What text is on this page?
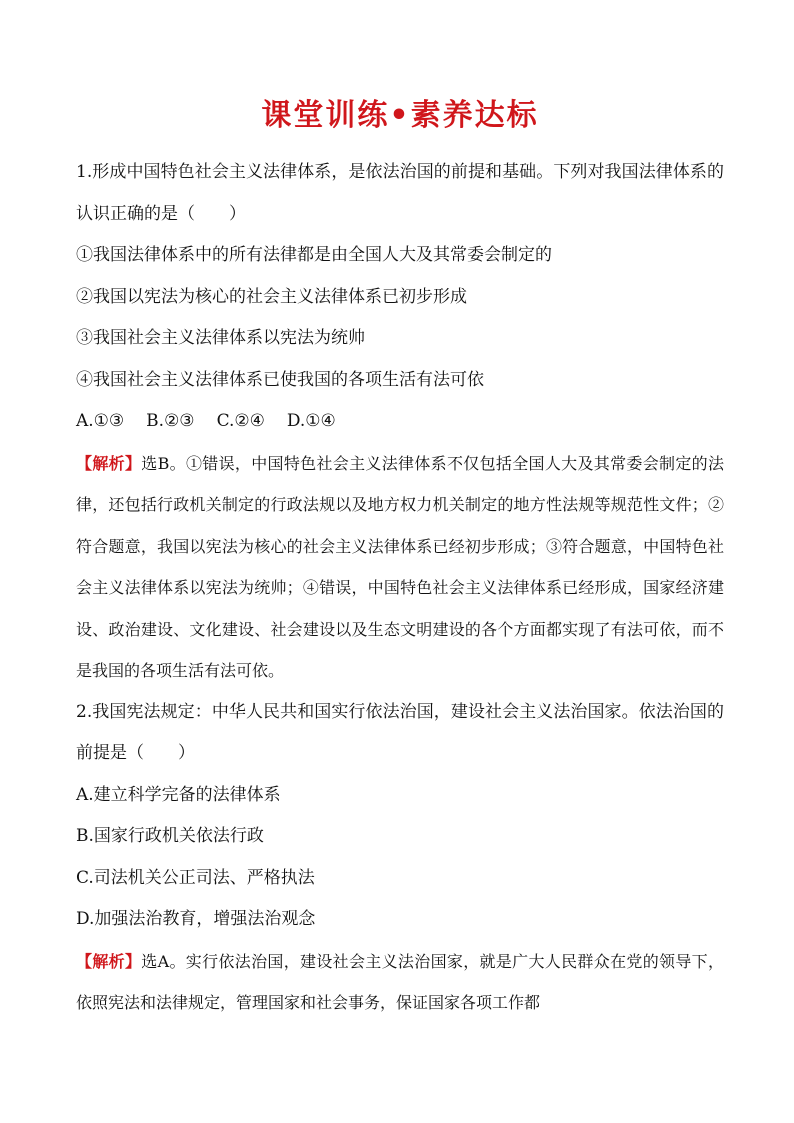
课堂训练•素养达标

1.形成中国特色社会主义法律体系，是依法治国的前提和基础。下列对我国法律体系的认识正确的是（　　）

①我国法律体系中的所有法律都是由全国人大及其常委会制定的

②我国以宪法为核心的社会主义法律体系已初步形成

③我国社会主义法律体系以宪法为统帅

④我国社会主义法律体系已使我国的各项生活有法可依

A.①③ B.②③ C.②④ D.①④

【解析】选B。①错误，中国特色社会主义法律体系不仅包括全国人大及其常委会制定的法律，还包括行政机关制定的行政法规以及地方权力机关制定的地方性法规等规范性文件；②符合题意，我国以宪法为核心的社会主义法律体系已经初步形成；③符合题意，中国特色社会主义法律体系以宪法为统帅；④错误，中国特色社会主义法律体系已经形成，国家经济建设、政治建设、文化建设、社会建设以及生态文明建设的各个方面都实现了有法可依，而不是我国的各项生活有法可依。

2.我国宪法规定：中华人民共和国实行依法治国，建设社会主义法治国家。依法治国的前提是（　　）

A.建立科学完备的法律体系

B.国家行政机关依法行政

C.司法机关公正司法、严格执法

D.加强法治教育，增强法治观念

【解析】选A。实行依法治国，建设社会主义法治国家，就是广大人民群众在党的领导下，依照宪法和法律规定，管理国家和社会事务，保证国家各项工作都
